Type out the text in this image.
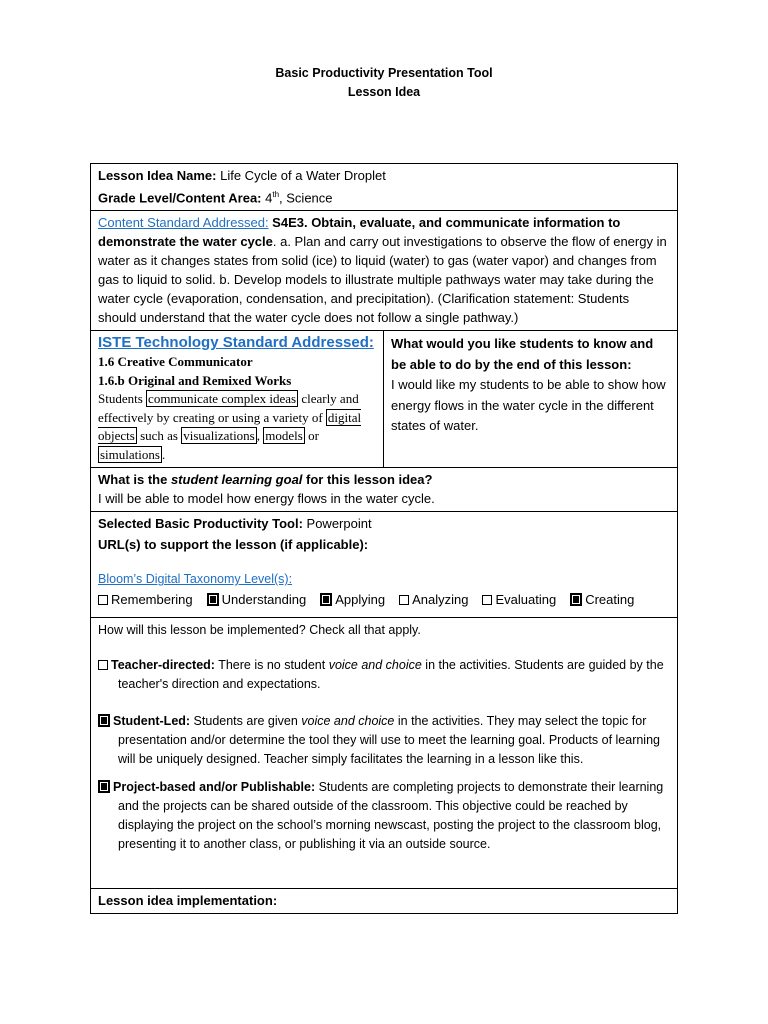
Basic Productivity Presentation Tool
Lesson Idea
Lesson Idea Name: Life Cycle of a Water Droplet
Grade Level/Content Area: 4th, Science
Content Standard Addressed: S4E3. Obtain, evaluate, and communicate information to demonstrate the water cycle. a. Plan and carry out investigations to observe the flow of energy in water as it changes states from solid (ice) to liquid (water) to gas (water vapor) and changes from gas to liquid to solid. b. Develop models to illustrate multiple pathways water may take during the water cycle (evaporation, condensation, and precipitation). (Clarification statement: Students should understand that the water cycle does not follow a single pathway.)
ISTE Technology Standard Addressed:
1.6 Creative Communicator
1.6.b Original and Remixed Works
Students communicate complex ideas clearly and effectively by creating or using a variety of digital objects such as visualizations , models or simulations .
What would you like students to know and be able to do by the end of this lesson:
I would like my students to be able to show how energy flows in the water cycle in the different states of water.
What is the student learning goal for this lesson idea?
I will be able to model how energy flows in the water cycle.
Selected Basic Productivity Tool: Powerpoint
URL(s) to support the lesson (if applicable):
Bloom’s Digital Taxonomy Level(s):
Remembering	Understanding	Applying	Analyzing	Evaluating	Creating
How will this lesson be implemented? Check all that apply.
Teacher-directed: There is no student voice and choice in the activities. Students are guided by the teacher's direction and expectations.
Student-Led: Students are given voice and choice in the activities. They may select the topic for presentation and/or determine the tool they will use to meet the learning goal. Products of learning will be uniquely designed. Teacher simply facilitates the learning in a lesson like this.
Project-based and/or Publishable: Students are completing projects to demonstrate their learning and the projects can be shared outside of the classroom. This objective could be reached by displaying the project on the school’s morning newscast, posting the project to the classroom blog, presenting it to another class, or publishing it via an outside source.
Lesson idea implementation:
